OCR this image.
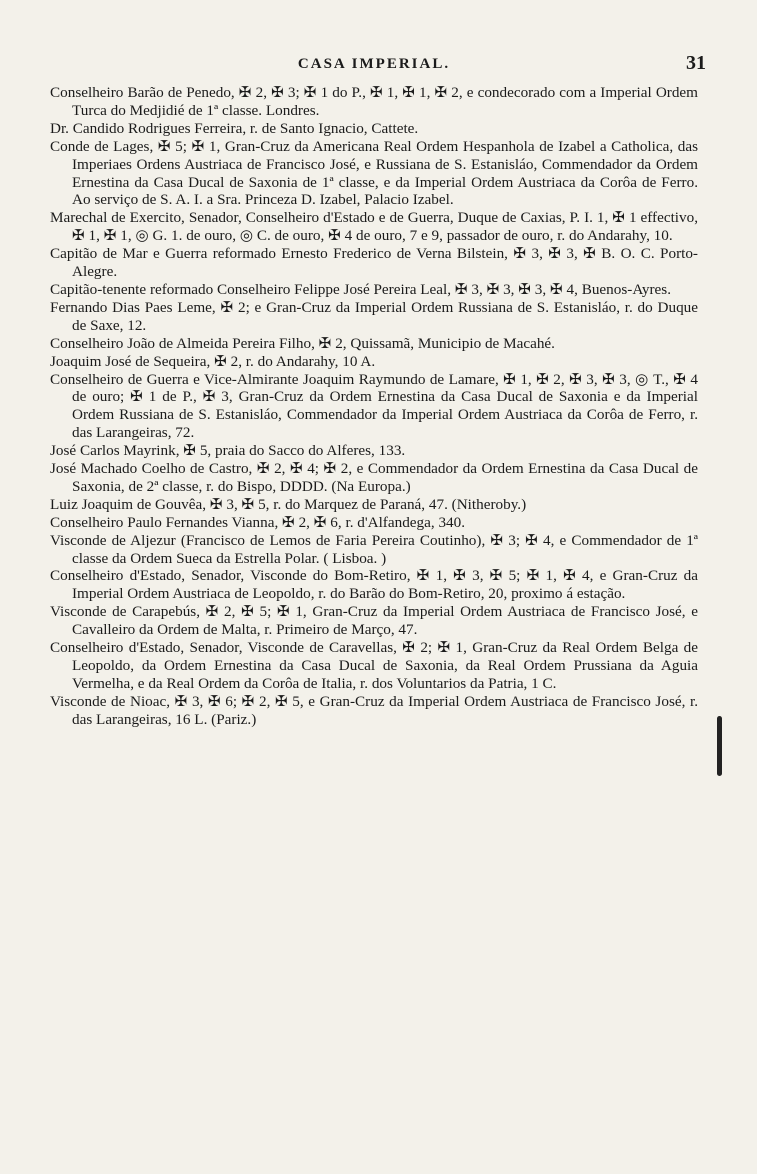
CASA IMPERIAL.	31

Conselheiro Barão de Penedo, ✠ 2, ✠ 3; ✠ 1 do P., ✠ 1, ✠ 1, ✠ 2, e condecorado com a Imperial Ordem Turca do Medjidié de 1ª classe. Londres.

Dr. Candido Rodrigues Ferreira, r. de Santo Ignacio, Cattete.

Conde de Lages, ✠ 5; ✠ 1, Gran-Cruz da Americana Real Ordem Hespanhola de Izabel a Catholica, das Imperiaes Ordens Austriaca de Francisco José, e Russiana de S. Estanisláo, Commendador da Ordem Ernestina da Casa Ducal de Saxonia de 1ª classe, e da Imperial Ordem Austriaca da Corôa de Ferro. Ao serviço de S. A. I. a Sra. Princeza D. Izabel, Palacio Izabel.

Marechal de Exercito, Senador, Conselheiro d'Estado e de Guerra, Duque de Caxias, P. I. 1, ✠ 1 effectivo, ✠ 1, ✠ 1, ◎ G. 1. de ouro, ◎ C. de ouro, ✠ 4 de ouro, 7 e 9, passador de ouro, r. do Andarahy, 10.

Capitão de Mar e Guerra reformado Ernesto Frederico de Verna Bilstein, ✠ 3, ✠ 3, ✠ B. O. C. Porto-Alegre.

Capitão-tenente reformado Conselheiro Felippe José Pereira Leal, ✠ 3, ✠ 3, ✠ 3, ✠ 4, Buenos-Ayres.

Fernando Dias Paes Leme, ✠ 2; e Gran-Cruz da Imperial Ordem Russiana de S. Estanisláo, r. do Duque de Saxe, 12.

Conselheiro João de Almeida Pereira Filho, ✠ 2, Quissamã, Municipio de Macahé.

Joaquim José de Sequeira, ✠ 2, r. do Andarahy, 10 A.

Conselheiro de Guerra e Vice-Almirante Joaquim Raymundo de Lamare, ✠ 1, ✠ 2, ✠ 3, ✠ 3, ◎ T., ✠ 4 de ouro; ✠ 1 de P., ✠ 3, Gran-Cruz da Ordem Ernestina da Casa Ducal de Saxonia e da Imperial Ordem Russiana de S. Estanisláo, Commendador da Imperial Ordem Austriaca da Corôa de Ferro, r. das Larangeiras, 72.

José Carlos Mayrink, ✠ 5, praia do Sacco do Alferes, 133.

José Machado Coelho de Castro, ✠ 2, ✠ 4; ✠ 2, e Commendador da Ordem Ernestina da Casa Ducal de Saxonia, de 2ª classe, r. do Bispo, DDDD. (Na Europa.)

Luiz Joaquim de Gouvêa, ✠ 3, ✠ 5, r. do Marquez de Paraná, 47. (Nitheroby.)

Conselheiro Paulo Fernandes Vianna, ✠ 2, ✠ 6, r. d'Alfandega, 340.

Visconde de Aljezur (Francisco de Lemos de Faria Pereira Coutinho), ✠ 3; ✠ 4, e Commendador de 1ª classe da Ordem Sueca da Estrella Polar. ( Lisboa. )

Conselheiro d'Estado, Senador, Visconde do Bom-Retiro, ✠ 1, ✠ 3, ✠ 5; ✠ 1, ✠ 4, e Gran-Cruz da Imperial Ordem Austriaca de Leopoldo, r. do Barão do Bom-Retiro, 20, proximo á estação.

Visconde de Carapebús, ✠ 2, ✠ 5; ✠ 1, Gran-Cruz da Imperial Ordem Austriaca de Francisco José, e Cavalleiro da Ordem de Malta, r. Primeiro de Março, 47.

Conselheiro d'Estado, Senador, Visconde de Caravellas, ✠ 2; ✠ 1, Gran-Cruz da Real Ordem Belga de Leopoldo, da Ordem Ernestina da Casa Ducal de Saxonia, da Real Ordem Prussiana da Aguia Vermelha, e da Real Ordem da Corôa de Italia, r. dos Voluntarios da Patria, 1 C.

Visconde de Nioac, ✠ 3, ✠ 6; ✠ 2, ✠ 5, e Gran-Cruz da Imperial Ordem Austriaca de Francisco José, r. das Larangeiras, 16 L. (Pariz.)
